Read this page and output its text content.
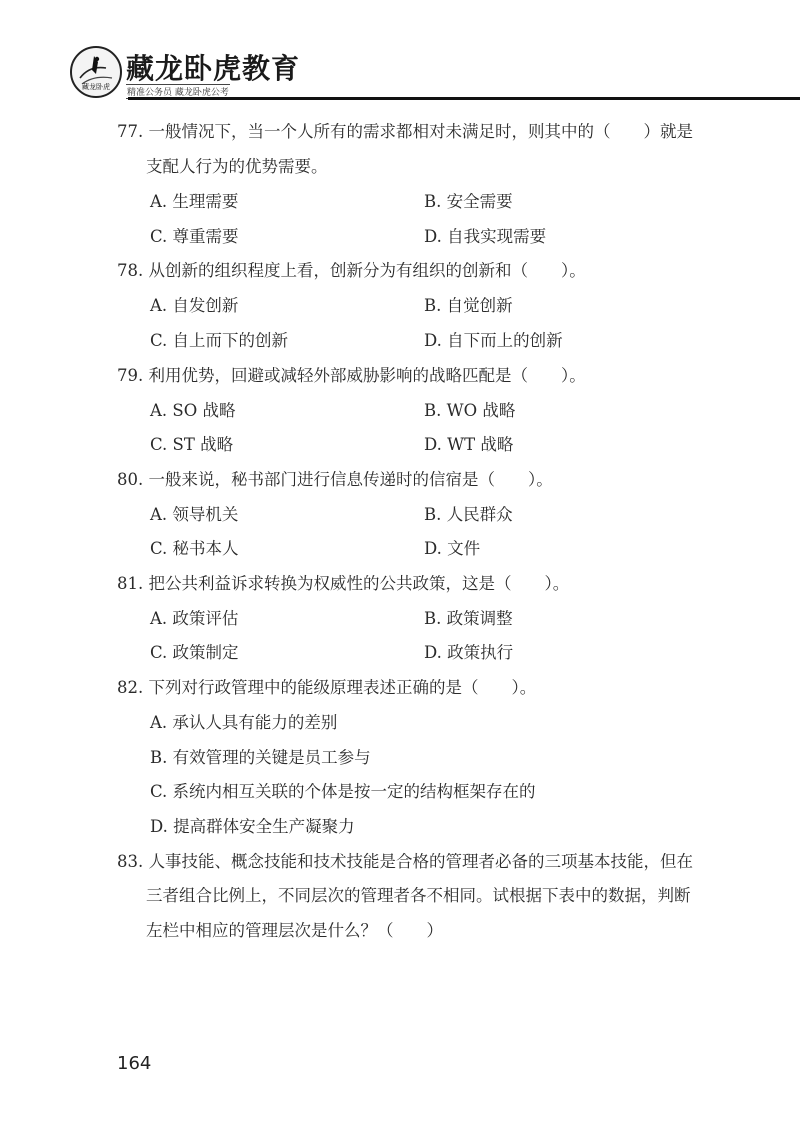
藏龙卧虎
藏龙卧虎教育
精准公务员 藏龙卧虎公考
77. 一般情况下，当一个人所有的需求都相对未满足时，则其中的（　　）就是
支配人行为的优势需要。
A. 生理需要	B. 安全需要
C. 尊重需要	D. 自我实现需要
78. 从创新的组织程度上看，创新分为有组织的创新和（　　）。
A. 自发创新	B. 自觉创新
C. 自上而下的创新	D. 自下而上的创新
79. 利用优势，回避或减轻外部威胁影响的战略匹配是（　　）。
A. SO 战略	B. WO 战略
C. ST 战略	D. WT 战略
80. 一般来说，秘书部门进行信息传递时的信宿是（　　）。
A. 领导机关	B. 人民群众
C. 秘书本人	D. 文件
81. 把公共利益诉求转换为权威性的公共政策，这是（　　）。
A. 政策评估	B. 政策调整
C. 政策制定	D. 政策执行
82. 下列对行政管理中的能级原理表述正确的是（　　）。
A. 承认人具有能力的差别
B. 有效管理的关键是员工参与
C. 系统内相互关联的个体是按一定的结构框架存在的
D. 提高群体安全生产凝聚力
83. 人事技能、概念技能和技术技能是合格的管理者必备的三项基本技能，但在
三者组合比例上，不同层次的管理者各不相同。试根据下表中的数据，判断
左栏中相应的管理层次是什么？（　　）
164
